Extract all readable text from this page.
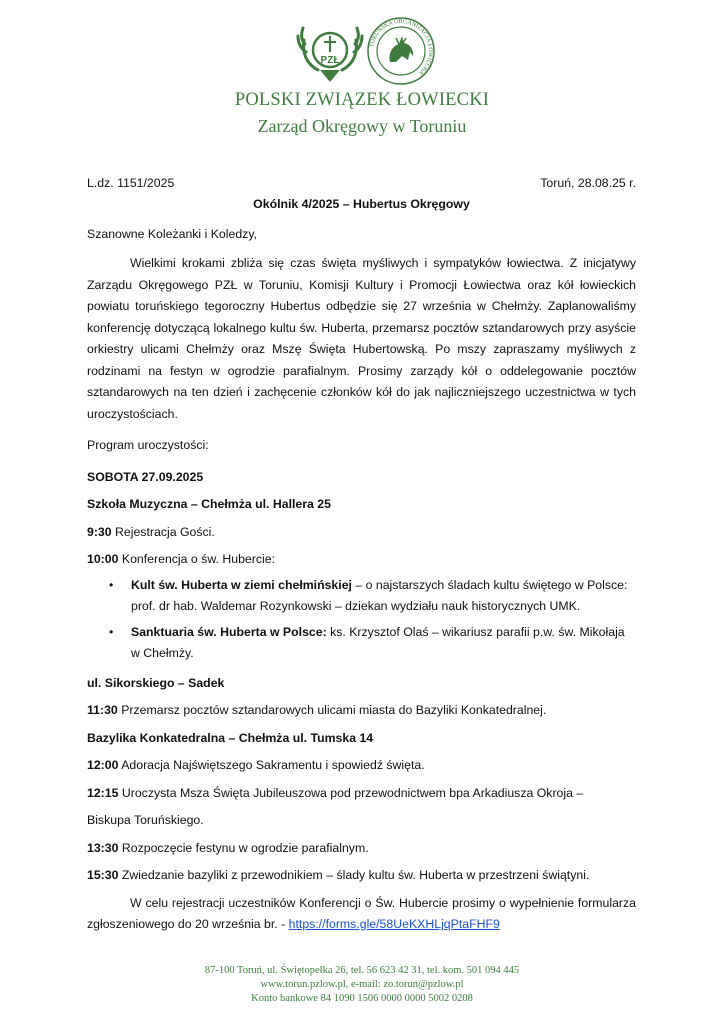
PZŁ
TORUŃSKA ORGANIZACJA ŁOWIECKA
POLSKI ZWIĄZEK ŁOWIECKI
Zarząd Okręgowy w Toruniu
L.dz. 1151/2025	Toruń, 28.08.25 r.
Okólnik 4/2025 – Hubertus Okręgowy
Szanowne Koleżanki i Koledzy,
Wielkimi krokami zbliża się czas święta myśliwych i sympatyków łowiectwa. Z inicjatywy Zarządu Okręgowego PZŁ w Toruniu, Komisji Kultury i Promocji Łowiectwa oraz kół łowieckich powiatu toruńskiego tegoroczny Hubertus odbędzie się 27 września w Chełmży. Zaplanowaliśmy konferencję dotyczącą lokalnego kultu św. Huberta, przemarsz pocztów sztandarowych przy asyście orkiestry ulicami Chełmży oraz Mszę Święta Hubertowską. Po mszy zapraszamy myśliwych z rodzinami na festyn w ogrodzie parafialnym. Prosimy zarządy kół o oddelegowanie pocztów sztandarowych na ten dzień i zachęcenie członków kół do jak najliczniejszego uczestnictwa w tych uroczystościach.
Program uroczystości:
SOBOTA 27.09.2025
Szkoła Muzyczna – Chełmża ul. Hallera 25
9:30 Rejestracja Gości.
10:00 Konferencja o św. Hubercie:
• Kult św. Huberta w ziemi chełmińskiej – o najstarszych śladach kultu świętego w Polsce: prof. dr hab. Waldemar Rozynkowski – dziekan wydziału nauk historycznych UMK.
• Sanktuaria św. Huberta w Polsce: ks. Krzysztof Olaś – wikariusz parafii p.w. św. Mikołaja w Chełmży.
ul. Sikorskiego – Sadek
11:30 Przemarsz pocztów sztandarowych ulicami miasta do Bazyliki Konkatedralnej.
Bazylika Konkatedralna – Chełmża ul. Tumska 14
12:00 Adoracja Najświętszego Sakramentu i spowiedź święta.
12:15 Uroczysta Msza Święta Jubileuszowa pod przewodnictwem bpa Arkadiusza Okroja –
Biskupa Toruńskiego.
13:30 Rozpoczęcie festynu w ogrodzie parafialnym.
15:30 Zwiedzanie bazyliki z przewodnikiem – ślady kultu św. Huberta w przestrzeni świątyni.
W celu rejestracji uczestników Konferencji o Św. Hubercie prosimy o wypełnienie formularza zgłoszeniowego do 20 września br. - https://forms.gle/58UeKXHLjqPtaFHF9
87-100 Toruń, ul. Świętopełka 26, tel. 56 623 42 31, tel. kom. 501 094 445
www.torun.pzlow.pl, e-mail: zo.torun@pzlow.pl
Konto bankowe 84 1090 1506 0000 0000 5002 0208
